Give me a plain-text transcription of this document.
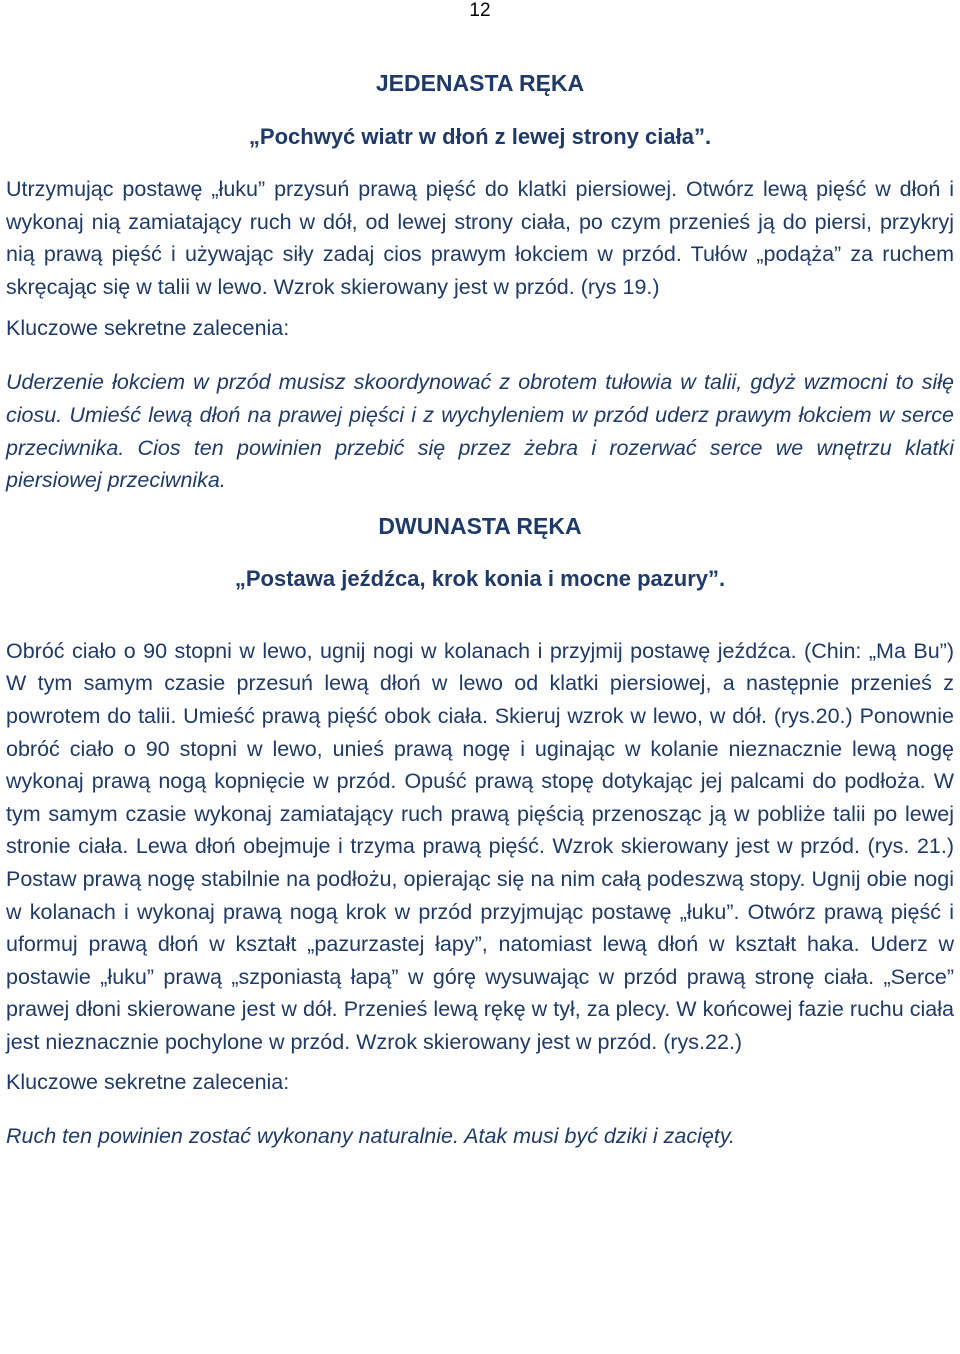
12
JEDENASTA RĘKA

„Pochwyć wiatr w dłoń z lewej strony ciała”.

Utrzymując postawę „łuku” przysuń prawą pięść do klatki piersiowej. Otwórz lewą pięść w dłoń i wykonaj nią zamiatający ruch w dół, od lewej strony ciała, po czym przenieś ją do piersi, przykryj nią prawą pięść i używając siły zadaj cios prawym łokciem w przód. Tułów „podąża” za ruchem skręcając się w talii w lewo. Wzrok skierowany jest w przód. (rys 19.)

Kluczowe sekretne zalecenia:

Uderzenie łokciem w przód musisz skoordynować z obrotem tułowia w talii, gdyż wzmocni to siłę ciosu. Umieść lewą dłoń na prawej pięści i z wychyleniem w przód uderz prawym łokciem w serce przeciwnika. Cios ten powinien przebić się przez żebra i rozerwać serce we wnętrzu klatki piersiowej przeciwnika.

DWUNASTA RĘKA

„Postawa jeźdźca, krok konia i mocne pazury”.

Obróć ciało o 90 stopni w lewo, ugnij nogi w kolanach i przyjmij postawę jeźdźca. (Chin: „Ma Bu”) W tym samym czasie przesuń lewą dłoń w lewo od klatki piersiowej, a następnie przenieś z powrotem do talii. Umieść prawą pięść obok ciała. Skieruj wzrok w lewo, w dół. (rys.20.) Ponownie obróć ciało o 90 stopni w lewo, unieś prawą nogę i uginając w kolanie nieznacznie lewą nogę wykonaj prawą nogą kopnięcie w przód. Opuść prawą stopę dotykając jej palcami do podłoża. W tym samym czasie wykonaj zamiatający ruch prawą pięścią przenosząc ją w pobliże talii po lewej stronie ciała. Lewa dłoń obejmuje i trzyma prawą pięść. Wzrok skierowany jest w przód. (rys. 21.) Postaw prawą nogę stabilnie na podłożu, opierając się na nim całą podeszwą stopy. Ugnij obie nogi w kolanach i wykonaj prawą nogą krok w przód przyjmując postawę „łuku”. Otwórz prawą pięść i uformuj prawą dłoń w kształt „pazurzastej łapy”, natomiast lewą dłoń w kształt haka. Uderz w postawie „łuku” prawą „szponiastą łapą” w górę wysuwając w przód prawą stronę ciała. „Serce” prawej dłoni skierowane jest w dół. Przenieś lewą rękę w tył, za plecy. W końcowej fazie ruchu ciała jest nieznacznie pochylone w przód. Wzrok skierowany jest w przód. (rys.22.)

Kluczowe sekretne zalecenia:

Ruch ten powinien zostać wykonany naturalnie. Atak musi być dziki i zacięty.
